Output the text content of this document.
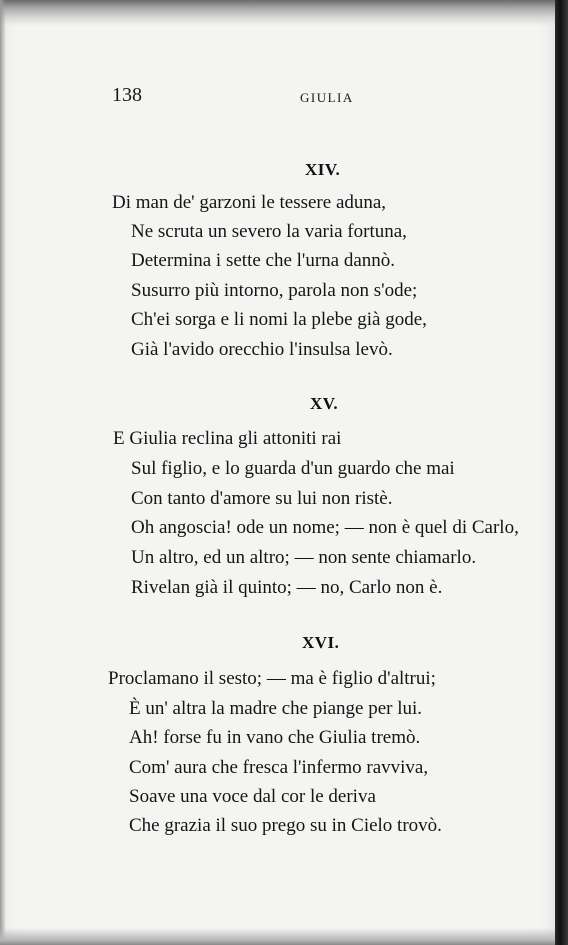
138	GIULIA
XIV.
Di man de' garzoni le tessere aduna,
Ne scruta un severo la varia fortuna,
Determina i sette che l'urna dannò.
Susurro più intorno, parola non s'ode;
Ch'ei sorga e li nomi la plebe già gode,
Già l'avido orecchio l'insulsa levò.
XV.
E Giulia reclina gli attoniti rai
Sul figlio, e lo guarda d'un guardo che mai
Con tanto d'amore su lui non ristè.
Oh angoscia! ode un nome; — non è quel di Carlo,
Un altro, ed un altro; — non sente chiamarlo.
Rivelan già il quinto; — no, Carlo non è.
XVI.
Proclamano il sesto; — ma è figlio d'altrui;
È un' altra la madre che piange per lui.
Ah! forse fu in vano che Giulia tremò.
Com' aura che fresca l'infermo ravviva,
Soave una voce dal cor le deriva
Che grazia il suo prego su in Cielo trovò.
